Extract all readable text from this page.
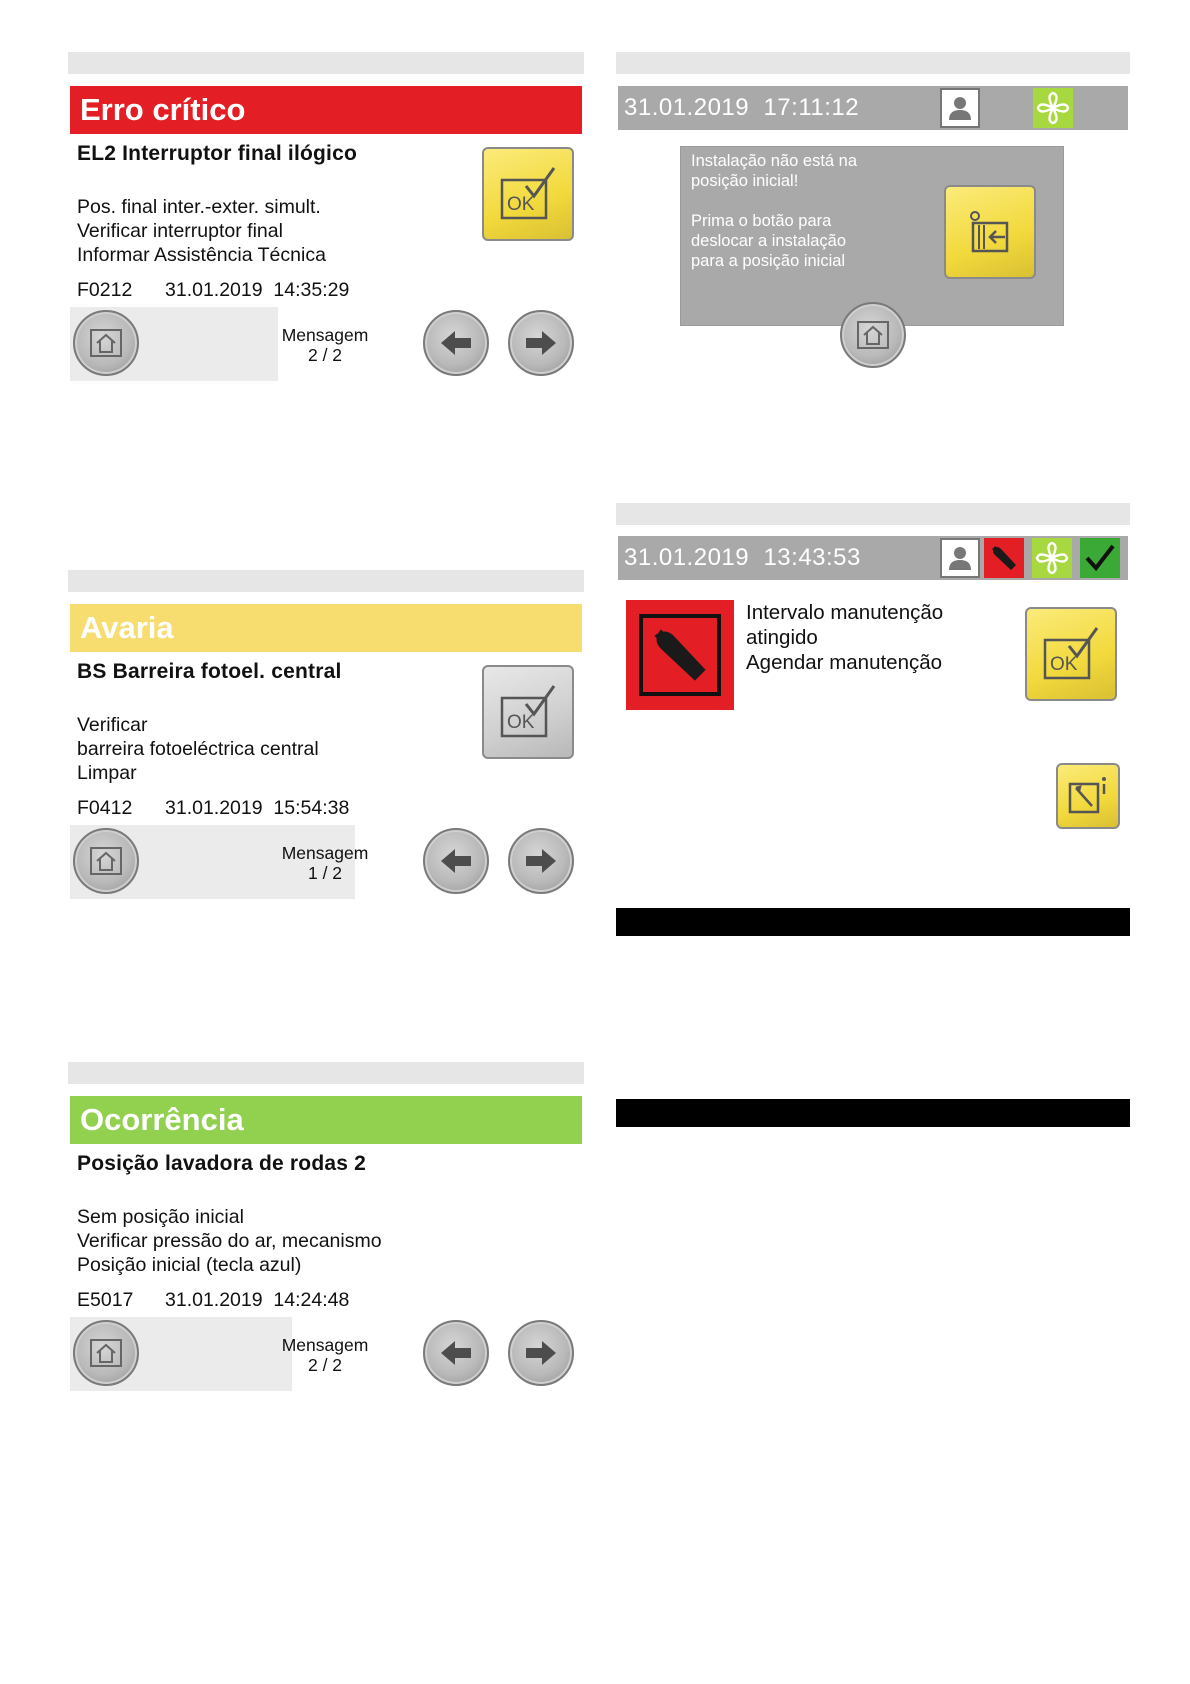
Erro crítico
EL2 Interruptor final ilógico
Pos. final inter.-exter. simult.
Verificar interruptor final
Informar Assistência Técnica
F0212 31.01.2019  14:35:29
OK
Mensagem
2 / 2
Avaria
BS Barreira fotoel. central
Verificar
barreira fotoeléctrica central
Limpar
F0412 31.01.2019  15:54:38
OK
Mensagem
1 / 2
Ocorrência
Posição lavadora de rodas 2
Sem posição inicial
Verificar pressão do ar, mecanismo
Posição inicial (tecla azul)
E5017 31.01.2019  14:24:48
Mensagem
2 / 2
31.01.2019  17:11:12
Instalação não está na
posição inicial!
Prima o botão para
deslocar a instalação
para a posição inicial
31.01.2019  13:43:53
Intervalo manutenção
atingido
Agendar manutenção	OK
